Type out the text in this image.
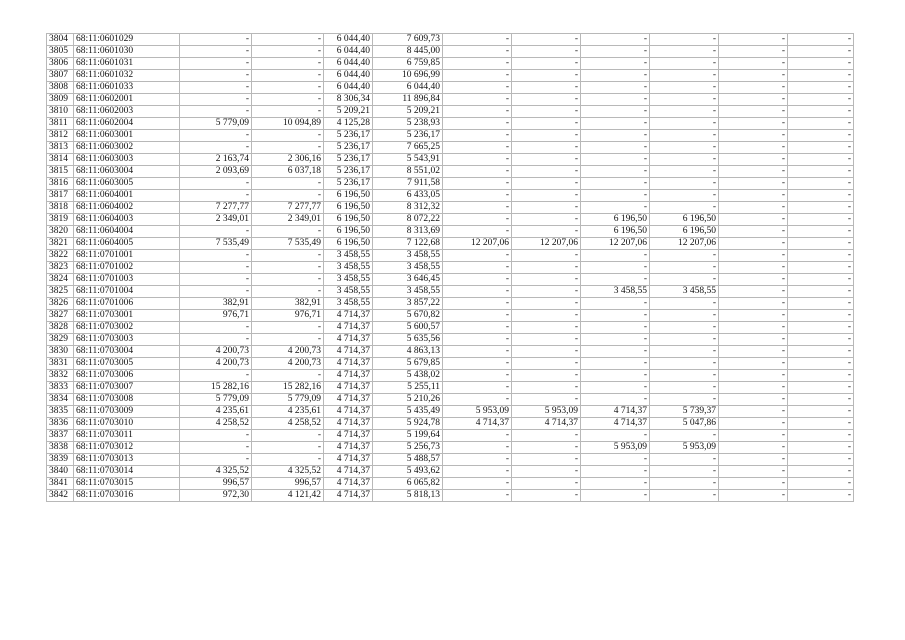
3804	68:11:0601029	-	-	6 044,40	7 609,73	-	-	-	-	-	-
3805	68:11:0601030	-	-	6 044,40	8 445,00	-	-	-	-	-	-
3806	68:11:0601031	-	-	6 044,40	6 759,85	-	-	-	-	-	-
3807	68:11:0601032	-	-	6 044,40	10 696,99	-	-	-	-	-	-
3808	68:11:0601033	-	-	6 044,40	6 044,40	-	-	-	-	-	-
3809	68:11:0602001	-	-	8 306,34	11 896,84	-	-	-	-	-	-
3810	68:11:0602003	-	-	5 209,21	5 209,21	-	-	-	-	-	-
3811	68:11:0602004	5 779,09	10 094,89	4 125,28	5 238,93	-	-	-	-	-	-
3812	68:11:0603001	-	-	5 236,17	5 236,17	-	-	-	-	-	-
3813	68:11:0603002	-	-	5 236,17	7 665,25	-	-	-	-	-	-
3814	68:11:0603003	2 163,74	2 306,16	5 236,17	5 543,91	-	-	-	-	-	-
3815	68:11:0603004	2 093,69	6 037,18	5 236,17	8 551,02	-	-	-	-	-	-
3816	68:11:0603005	-	-	5 236,17	7 911,58	-	-	-	-	-	-
3817	68:11:0604001	-	-	6 196,50	6 433,05	-	-	-	-	-	-
3818	68:11:0604002	7 277,77	7 277,77	6 196,50	8 312,32	-	-	-	-	-	-
3819	68:11:0604003	2 349,01	2 349,01	6 196,50	8 072,22	-	-	6 196,50	6 196,50	-	-
3820	68:11:0604004	-	-	6 196,50	8 313,69	-	-	6 196,50	6 196,50	-	-
3821	68:11:0604005	7 535,49	7 535,49	6 196,50	7 122,68	12 207,06	12 207,06	12 207,06	12 207,06	-	-
3822	68:11:0701001	-	-	3 458,55	3 458,55	-	-	-	-	-	-
3823	68:11:0701002	-	-	3 458,55	3 458,55	-	-	-	-	-	-
3824	68:11:0701003	-	-	3 458,55	3 646,45	-	-	-	-	-	-
3825	68:11:0701004	-	-	3 458,55	3 458,55	-	-	3 458,55	3 458,55	-	-
3826	68:11:0701006	382,91	382,91	3 458,55	3 857,22	-	-	-	-	-	-
3827	68:11:0703001	976,71	976,71	4 714,37	5 670,82	-	-	-	-	-	-
3828	68:11:0703002	-	-	4 714,37	5 600,57	-	-	-	-	-	-
3829	68:11:0703003	-	-	4 714,37	5 635,56	-	-	-	-	-	-
3830	68:11:0703004	4 200,73	4 200,73	4 714,37	4 863,13	-	-	-	-	-	-
3831	68:11:0703005	4 200,73	4 200,73	4 714,37	5 679,85	-	-	-	-	-	-
3832	68:11:0703006	-	-	4 714,37	5 438,02	-	-	-	-	-	-
3833	68:11:0703007	15 282,16	15 282,16	4 714,37	5 255,11	-	-	-	-	-	-
3834	68:11:0703008	5 779,09	5 779,09	4 714,37	5 210,26	-	-	-	-	-	-
3835	68:11:0703009	4 235,61	4 235,61	4 714,37	5 435,49	5 953,09	5 953,09	4 714,37	5 739,37	-	-
3836	68:11:0703010	4 258,52	4 258,52	4 714,37	5 924,78	4 714,37	4 714,37	4 714,37	5 047,86	-	-
3837	68:11:0703011	-	-	4 714,37	5 199,64	-	-	-	-	-	-
3838	68:11:0703012	-	-	4 714,37	5 256,73	-	-	5 953,09	5 953,09	-	-
3839	68:11:0703013	-	-	4 714,37	5 488,57	-	-	-	-	-	-
3840	68:11:0703014	4 325,52	4 325,52	4 714,37	5 493,62	-	-	-	-	-	-
3841	68:11:0703015	996,57	996,57	4 714,37	6 065,82	-	-	-	-	-	-
3842	68:11:0703016	972,30	4 121,42	4 714,37	5 818,13	-	-	-	-	-	-
